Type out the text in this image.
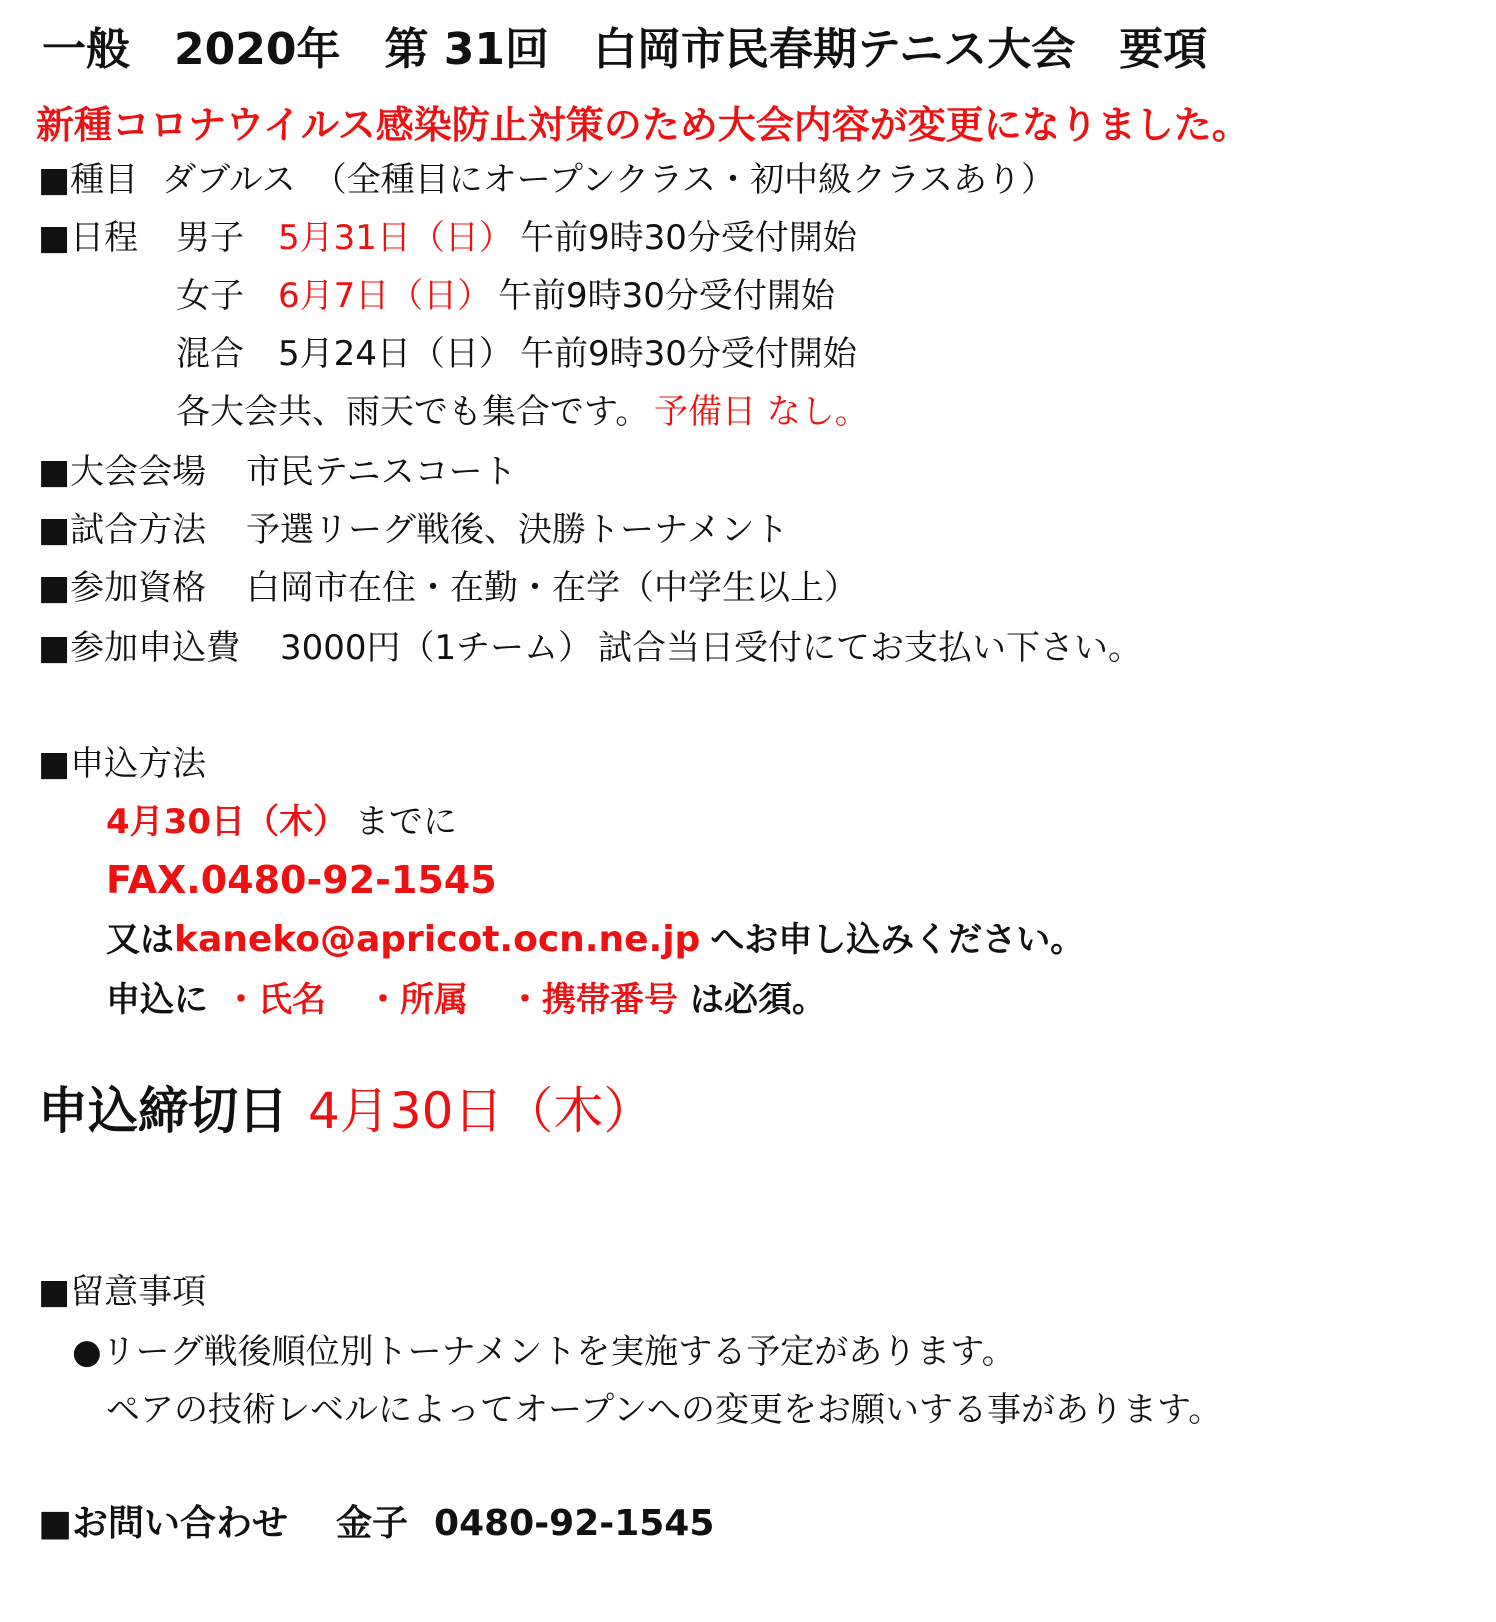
一般　2020年　第 31回　白岡市民春期テニス大会　要項
新種コロナウイルス感染防止対策のため大会内容が変更になりました。
■種目 ダブルス　（全種目にオープンクラス・初中級クラスあり）
■日程 男子 5月31日（日） 午前9時30分受付開始
女子 6月7日（日） 午前9時30分受付開始
混合 5月24日（日） 午前9時30分受付開始
各大会共、雨天でも集合です。 予備日 なし。
■大会会場 市民テニスコート
■試合方法 予選リーグ戦後、決勝トーナメント
■参加資格 白岡市在住・在勤・在学（中学生以上）
■参加申込費 3000円（1チーム） 試合当日受付にてお支払い下さい。
■申込方法
4月30日（木） までに
FAX.0480-92-1545
又はkaneko@apricot.ocn.ne.jp へお申し込みください。
申込に ・氏名 ・所属 ・携帯番号 は必須。
申込締切日 4月30日（木）
■留意事項
●リーグ戦後順位別トーナメントを実施する予定があります。
ペアの技術レベルによってオープンへの変更をお願いする事があります。
■お問い合わせ 金子 0480-92-1545
